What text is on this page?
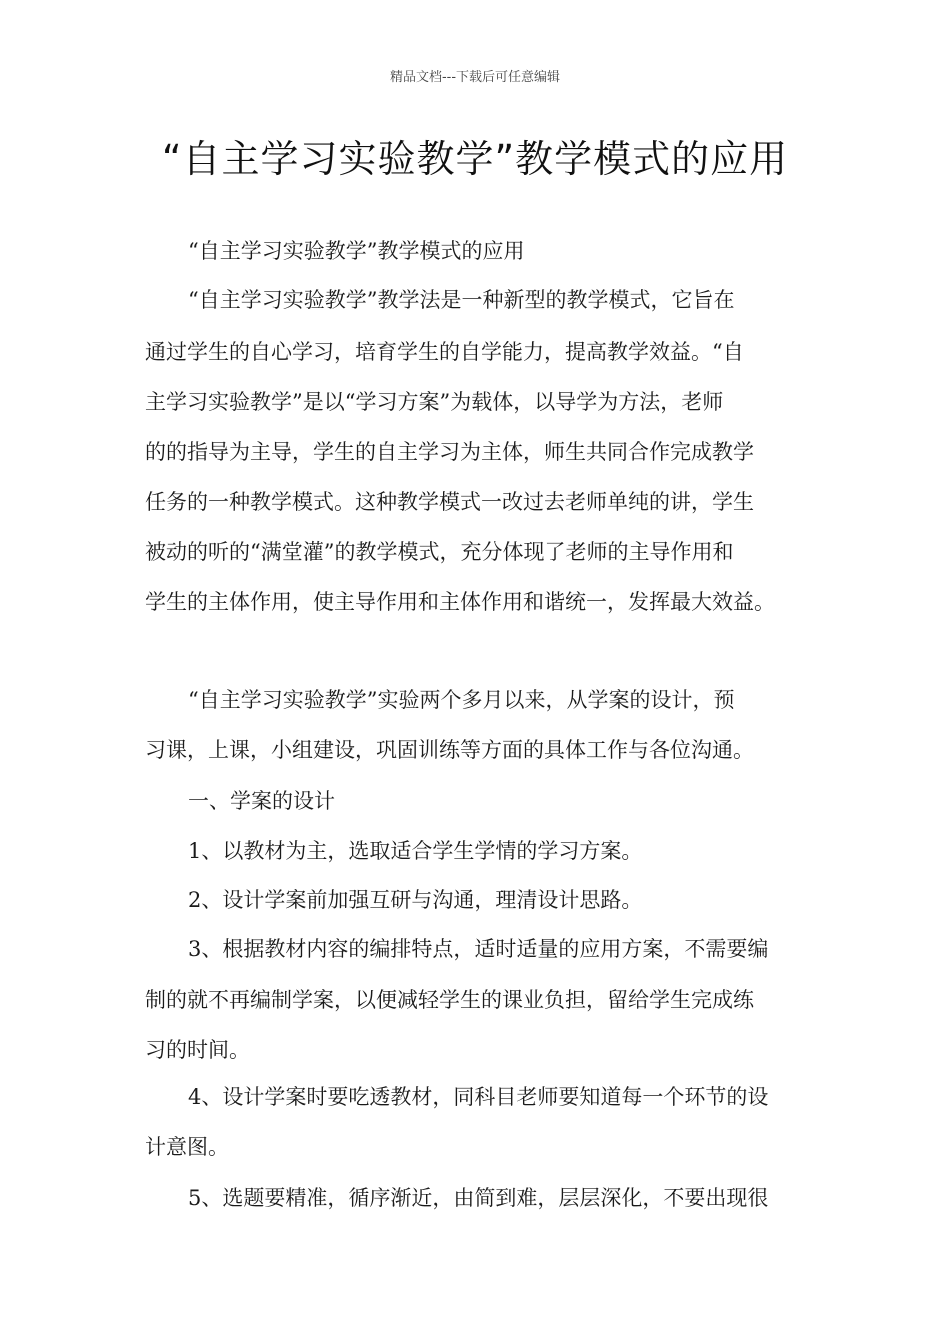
精品文档---下载后可任意编辑
“自主学习实验教学”教学模式的应用
“自主学习实验教学”教学模式的应用
“自主学习实验教学”教学法是一种新型的教学模式，它旨在
通过学生的自心学习，培育学生的自学能力，提高教学效益。“自
主学习实验教学”是以“学习方案”为载体，以导学为方法，老师
的的指导为主导，学生的自主学习为主体，师生共同合作完成教学
任务的一种教学模式。这种教学模式一改过去老师单纯的讲，学生
被动的听的“满堂灌”的教学模式，充分体现了老师的主导作用和
学生的主体作用，使主导作用和主体作用和谐统一，发挥最大效益。
“自主学习实验教学”实验两个多月以来，从学案的设计，预
习课，上课，小组建设，巩固训练等方面的具体工作与各位沟通。
一、学案的设计
1、以教材为主，选取适合学生学情的学习方案。
2、设计学案前加强互研与沟通，理清设计思路。
3、根据教材内容的编排特点，适时适量的应用方案，不需要编
制的就不再编制学案，以便减轻学生的课业负担，留给学生完成练
习的时间。
4、设计学案时要吃透教材，同科目老师要知道每一个环节的设
计意图。
5、选题要精准，循序渐近，由简到难，层层深化，不要出现很
